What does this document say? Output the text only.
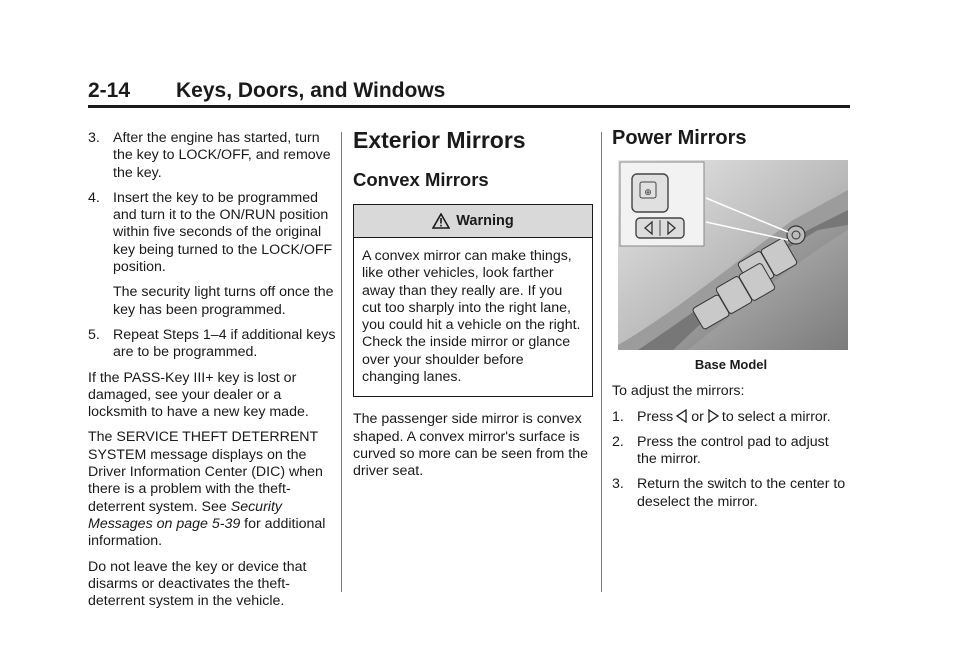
2-14 Keys, Doors, and Windows
3. After the engine has started, turn the key to LOCK/OFF, and remove the key.
4. Insert the key to be programmed and turn it to the ON/RUN position within five seconds of the original key being turned to the LOCK/OFF position.
The security light turns off once the key has been programmed.
5. Repeat Steps 1–4 if additional keys are to be programmed.

If the PASS-Key III+ key is lost or damaged, see your dealer or a locksmith to have a new key made.

The SERVICE THEFT DETERRENT SYSTEM message displays on the Driver Information Center (DIC) when there is a problem with the theft-deterrent system. See Security Messages on page 5-39 for additional information.

Do not leave the key or device that disarms or deactivates the theft-deterrent system in the vehicle.

Exterior Mirrors
Convex Mirrors
Warning
A convex mirror can make things, like other vehicles, look farther away than they really are. If you cut too sharply into the right lane, you could hit a vehicle on the right. Check the inside mirror or glance over your shoulder before changing lanes.

The passenger side mirror is convex shaped. A convex mirror's surface is curved so more can be seen from the driver seat.

Power Mirrors
⊕
Base Model

To adjust the mirrors:

1. Press or to select a mirror.
2. Press the control pad to adjust the mirror.
3. Return the switch to the center to deselect the mirror.
